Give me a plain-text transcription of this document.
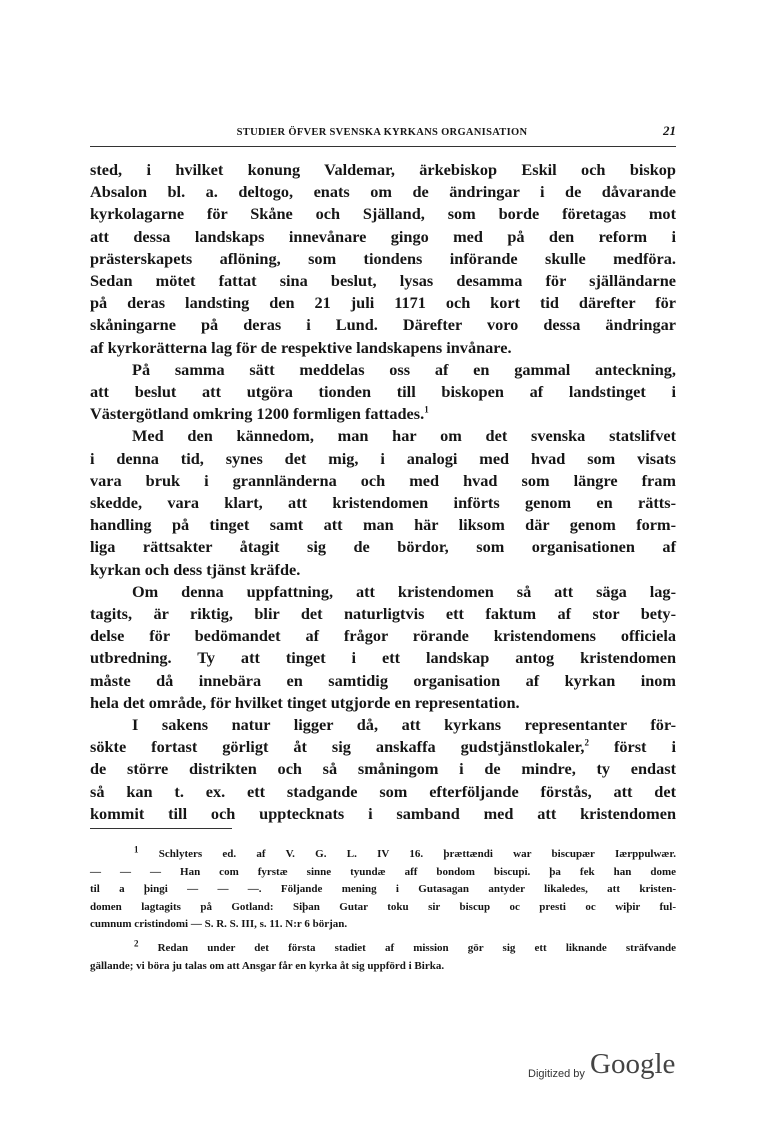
STUDIER ÖFVER SVENSKA KYRKANS ORGANISATION	21
sted, i hvilket konung Valdemar, ärkebiskop Eskil och biskop
Absalon bl. a. deltogo, enats om de ändringar i de dåvarande
kyrkolagarne för Skåne och Själland, som borde företagas mot
att dessa landskaps innevånare gingo med på den reform i
prästerskapets aflöning, som tiondens införande skulle medföra.
Sedan mötet fattat sina beslut, lysas desamma för själländarne
på deras landsting den 21 juli 1171 och kort tid därefter för
skåningarne på deras i Lund. Därefter voro dessa ändringar
af kyrkorätterna lag för de respektive landskapens invånare.
På samma sätt meddelas oss af en gammal anteckning,
att beslut att utgöra tionden till biskopen af landstinget i
Västergötland omkring 1200 formligen fattades.$^1$
Med den kännedom, man har om det svenska statslifvet
i denna tid, synes det mig, i analogi med hvad som visats
vara bruk i grannländerna och med hvad som längre fram
skedde, vara klart, att kristendomen införts genom en rätts-
handling på tinget samt att man här liksom där genom form-
liga rättsakter åtagit sig de bördor, som organisationen af
kyrkan och dess tjänst kräfde.
Om denna uppfattning, att kristendomen så att säga lag-
tagits, är riktig, blir det naturligtvis ett faktum af stor bety-
delse för bedömandet af frågor rörande kristendomens officiela
utbredning. Ty att tinget i ett landskap antog kristendomen
måste då innebära en samtidig organisation af kyrkan inom
hela det område, för hvilket tinget utgjorde en representation.
I sakens natur ligger då, att kyrkans representanter för-
sökte fortast görligt åt sig anskaffa gudstjänstlokaler,$^2$ först i
de större distrikten och så småningom i de mindre, ty endast
så kan t. ex. ett stadgande som efterföljande förstås, att det
kommit till och upptecknats i samband med att kristendomen
$^1$ Schlyters ed. af V. G. L. IV 16. þrættændi war biscupær Iærppulwær.
— — — Han com fyrstæ sinne tyundæ aff bondom biscupi. þa fek han dome
til a þingi — — —. Följande mening i Gutasagan antyder likaledes, att kristen-
domen lagtagits på Gotland: Siþan Gutar toku sir biscup oc presti oc wiþir ful-
cumnum cristindomi — S. R. S. III, s. 11. N:r 6 början.
$^2$ Redan under det första stadiet af mission gör sig ett liknande sträfvande
gällande; vi böra ju talas om att Ansgar får en kyrka åt sig uppförd i Birka.
Digitized by Google
